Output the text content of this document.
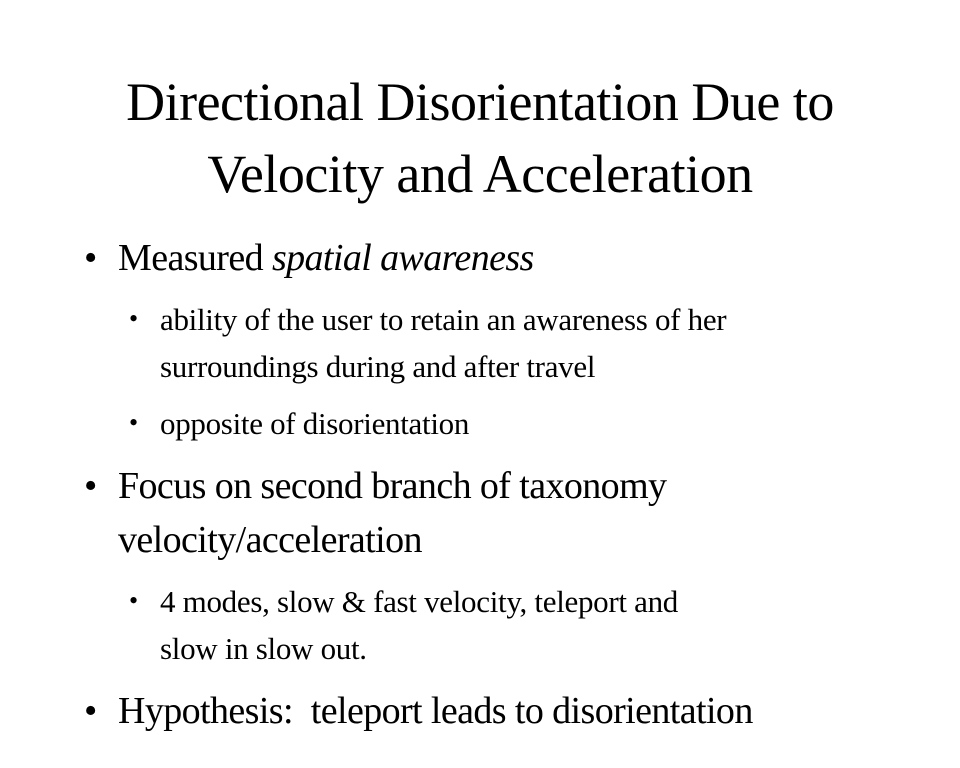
Directional Disorientation Due to
Velocity and Acceleration
• Measured spatial awareness
• ability of the user to retain an awareness of her
surroundings during and after travel
• opposite of disorientation
• Focus on second branch of taxonomy
velocity/acceleration
• 4 modes, slow & fast velocity, teleport and
slow in slow out.
• Hypothesis:  teleport leads to disorientation
